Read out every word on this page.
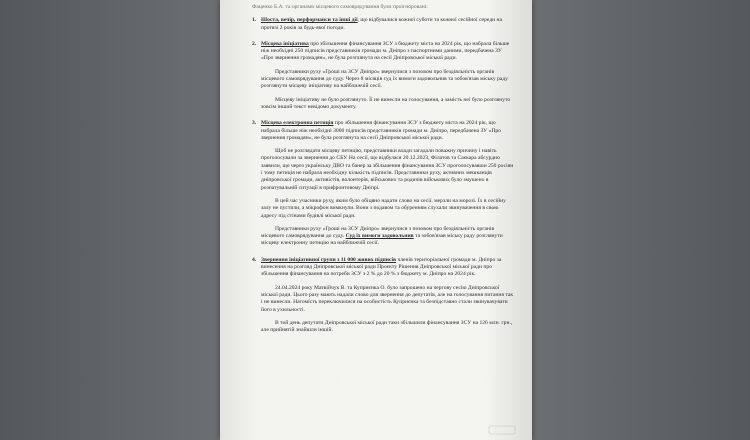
Фаценко Б.А. та органами місцевого самоврядування були проігноровані:
1. Шоста, вечір, перформанси та інші дії, що відбувалися кожної суботи та кожної сесійної середи на протязі 2 років за будь-якої погоди.
2. Місцева ініціатива про збільшення фінансування ЗСУ з бюджету міста на 2024 рік, що набрала більше ніж необхідні 250 підписів представників громади м. Дніпро з паспортними даними, передбачена ЗУ «Про звернення громадян», не була розглянута на сесії Дніпровської міської ради.
Представники руху «Гроші на ЗСУ Дніпро» звернулися з позовом про бездіяльність органів місцевого самоврядування до суду. Через 8 місяців суд їх вимоги задовольнив та зобов'язав міську раду розглянути місцеву ініціативу на найближчій сесії.
Місцеву ініціативу не було розглянуто. Її не винесли на голосування, а замість неї було розглянуто зовсім інший текст невідомо документу.
3. Місцева електронна петиція про збільшення фінансування ЗСУ з бюджету міста на 2024 рік, що набрала більше ніж необхідні 3000 підписів представників громади м. Дніпро, передбачена ЗУ «Про звернення громадян», не була розглянута на сесії Дніпровської міської ради.
Щоб не розглядати місцеву петицію, представники влади загадали поважну причину і навіть проголосували за звернення до СБУ. На сесії, що відбулася 20.12.2023, Філатов та Саєкара абсурдно заявили, що через українську ДВО та банер за збільшення фінансування ЗСУ проголосувавши 250 росіян і тому петиція не набрала необхідну кількість підписів. Представники руху, активних мешканців дніпровської громади, активістів, волонтерів, військових та родичів військових було змушено в розпатувальній ситуації в прифронтовому Дніпрі.
В цей час учасники руху, яким було обіцяно надати слово на сесії, мерзли на морозі. Їх в сесійну залу не пустили, а мікрофон вимкнули. Вони з подавом та обуренням слухали звинувачення в свою адресу під стінами будівлі міської ради.
Представники руху «Гроші на ЗСУ Дніпро» звернулися з позовом про бездіяльність органів місцевого самоврядування до суду. Суд їх вимоги задовольнив та зобов'язав міську раду розглянути місцеву електронну петицію на найближчій сесії.
4. Звернення ініціативної групи з 11 000 живих підписів членів територіальної громади м. Дніпро за винесення на розгляд Дніпровської міської ради Проєкту Рішення Дніпровської міської ради про збільшення фінансування на потреби ЗСУ з 2 % до 20 % з бюджету м. Дніпро на 2024 рік.
24.04.2024 року Матвійчук В. та Куприєнка О. було запрошено на чергову сесію Дніпровської міської ради. Цього разу мають надали слово для звернення до депутатів, але на голосування питання так і не винесли. Натомість переключилися на особистість Куприєнка та безпідставно стали звинувачувати його в ухильності.
В той день депутати Дніпровської міської ради таки збільшили фінансування ЗСУ на 126 млн. грн., але прийнятій знайшли іншій.
